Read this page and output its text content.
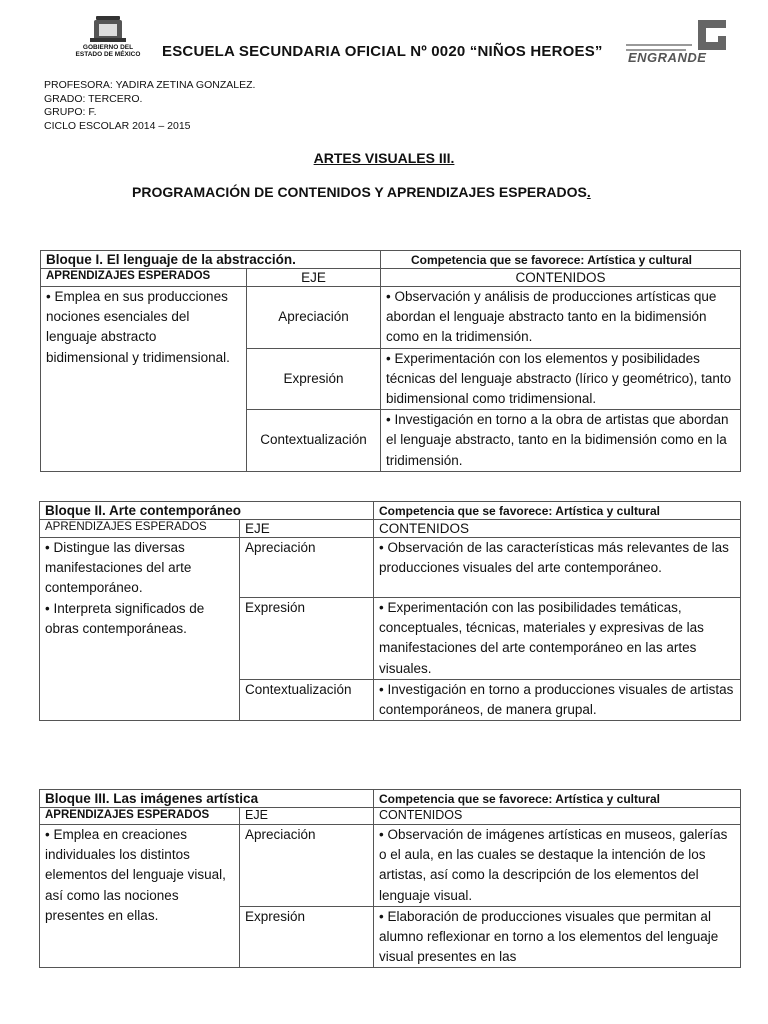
GOBIERNO DEL
ESTADO DE MÉXICO	ESCUELA SECUNDARIA OFICIAL Nº 0020 “NIÑOS HEROES” ENGRANDE
PROFESORA: YADIRA ZETINA GONZALEZ.
GRADO: TERCERO.
GRUPO: F.
CICLO ESCOLAR 2014 – 2015
ARTES VISUALES III.
PROGRAMACIÓN DE CONTENIDOS Y APRENDIZAJES ESPERADOS.
Bloque I. El lenguaje de la abstracción.		Competencia que se favorece: Artística y cultural
APRENDIZAJES ESPERADOS	EJE	CONTENIDOS

• Emplea en sus producciones nociones esenciales del lenguaje abstracto bidimensional y tridimensional.	Apreciación	• Observación y análisis de producciones artísticas que abordan el lenguaje abstracto tanto en la bidimensión como en la tridimensión.
	Expresión	• Experimentación con los elementos y posibilidades técnicas del lenguaje abstracto (lírico y geométrico), tanto bidimensional como tridimensional.
	Contextualización	• Investigación en torno a la obra de artistas que abordan el lenguaje abstracto, tanto en la bidimensión como en la tridimensión.
Bloque II. Arte contemporáneo		Competencia que se favorece: Artística y cultural
APRENDIZAJES ESPERADOS	EJE	CONTENIDOS

• Distingue las diversas manifestaciones del arte contemporáneo.
• Interpreta significados de obras contemporáneas.	Apreciación	• Observación de las características más relevantes de las producciones visuales del arte contemporáneo.
	Expresión	• Experimentación con las posibilidades temáticas, conceptuales, técnicas, materiales y expresivas de las manifestaciones del arte contemporáneo en las artes visuales.
	Contextualización	• Investigación en torno a producciones visuales de artistas contemporáneos, de manera grupal.
Bloque III. Las imágenes artística		Competencia que se favorece: Artística y cultural
APRENDIZAJES ESPERADOS	EJE	CONTENIDOS

• Emplea en creaciones individuales los distintos elementos del lenguaje visual, así como las nociones presentes en ellas.	Apreciación	• Observación de imágenes artísticas en museos, galerías o el aula, en las cuales se destaque la intención de los artistas, así como la descripción de los elementos del lenguaje visual.
	Expresión	• Elaboración de producciones visuales que permitan al alumno reflexionar en torno a los elementos del lenguaje visual presentes en las
